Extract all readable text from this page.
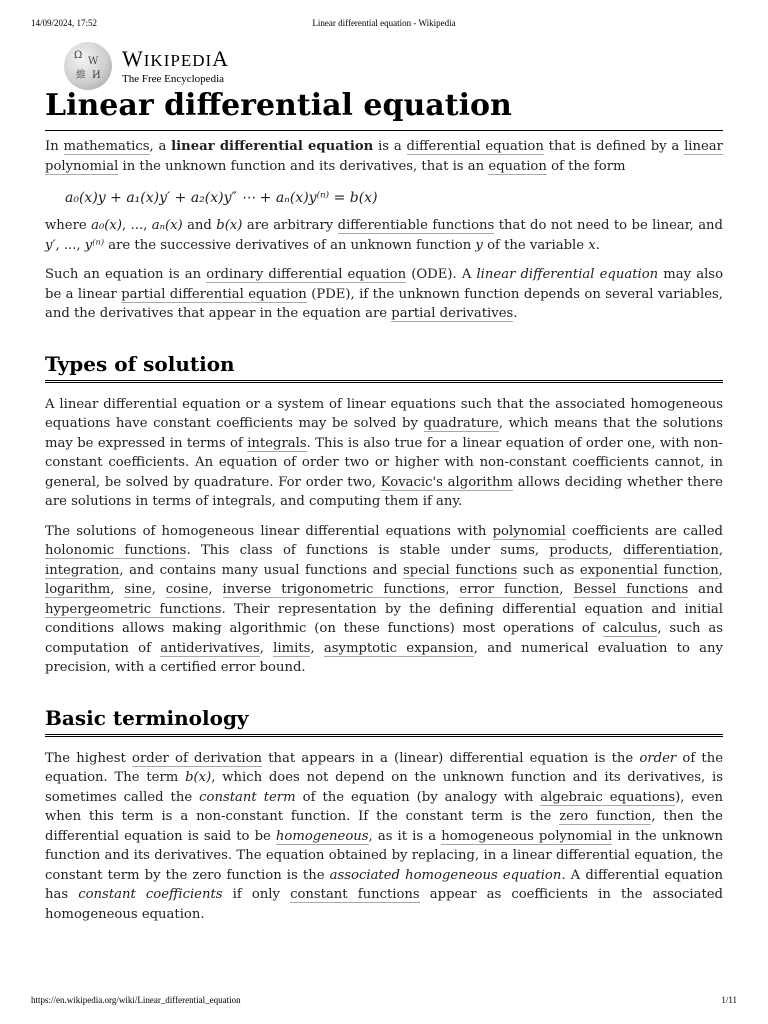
14/09/2024, 17:52	Linear differential equation - Wikipedia
Ω
W
維 И
WIKIPEDIA
The Free Encyclopedia
Linear differential equation

In mathematics, a linear differential equation is a differential equation that is defined by a linear polynomial in the unknown function and its derivatives, that is an equation of the form

a₀(x)y + a₁(x)y′ + a₂(x)y″ ⋯ + aₙ(x)y⁽ⁿ⁾ = b(x)

where a₀(x), ..., aₙ(x) and b(x) are arbitrary differentiable functions that do not need to be linear, and y′, ..., y⁽ⁿ⁾ are the successive derivatives of an unknown function y of the variable x.

Such an equation is an ordinary differential equation (ODE). A linear differential equation may also be a linear partial differential equation (PDE), if the unknown function depends on several variables, and the derivatives that appear in the equation are partial derivatives.

Types of solution

A linear differential equation or a system of linear equations such that the associated homogeneous equations have constant coefficients may be solved by quadrature, which means that the solutions may be expressed in terms of integrals. This is also true for a linear equation of order one, with non-constant coefficients. An equation of order two or higher with non-constant coefficients cannot, in general, be solved by quadrature. For order two, Kovacic's algorithm allows deciding whether there are solutions in terms of integrals, and computing them if any.

The solutions of homogeneous linear differential equations with polynomial coefficients are called holonomic functions. This class of functions is stable under sums, products, differentiation, integration, and contains many usual functions and special functions such as exponential function, logarithm, sine, cosine, inverse trigonometric functions, error function, Bessel functions and hypergeometric functions. Their representation by the defining differential equation and initial conditions allows making algorithmic (on these functions) most operations of calculus, such as computation of antiderivatives, limits, asymptotic expansion, and numerical evaluation to any precision, with a certified error bound.

Basic terminology

The highest order of derivation that appears in a (linear) differential equation is the order of the equation. The term b(x), which does not depend on the unknown function and its derivatives, is sometimes called the constant term of the equation (by analogy with algebraic equations), even when this term is a non-constant function. If the constant term is the zero function, then the differential equation is said to be homogeneous, as it is a homogeneous polynomial in the unknown function and its derivatives. The equation obtained by replacing, in a linear differential equation, the constant term by the zero function is the associated homogeneous equation. A differential equation has constant coefficients if only constant functions appear as coefficients in the associated homogeneous equation.

https://en.wikipedia.org/wiki/Linear_differential_equation	1/11
